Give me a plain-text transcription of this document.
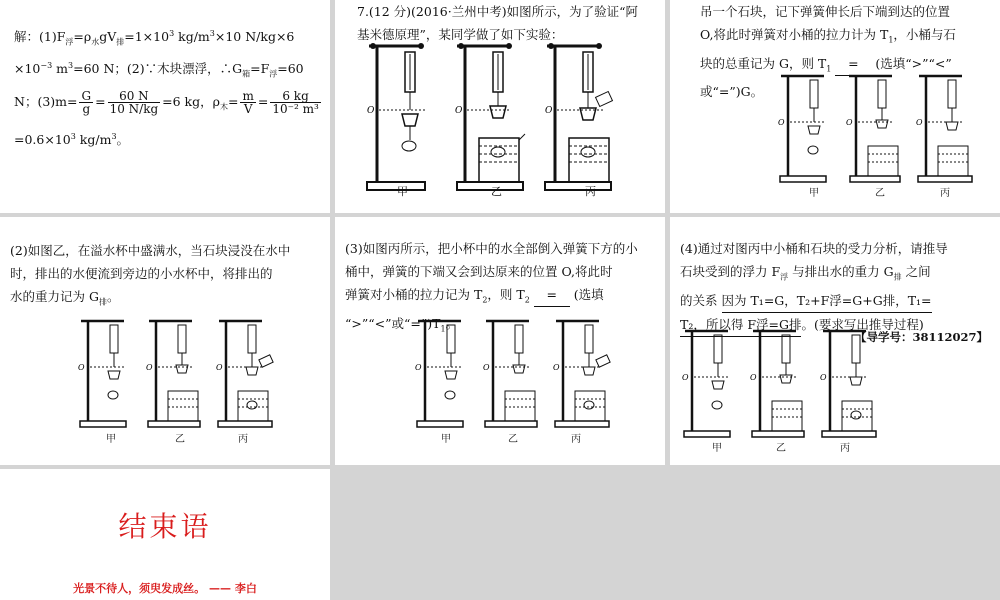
解：$(1)F_浮=\rho_水gV_排=1\times 10^3$ $kg/m^3\times 10$ N/kg×6
$\times 10^{-3}$ $m^3=60$ N；(2)∵木块漂浮，$\therefore G_箱=F_浮=60$
N；$(3)m= \frac{G}{g} = \frac{60 N}{10 N/kg} =6$ kg，$\rho_木= \frac{m}{V} = \frac{6 kg}{\text{10⁻² m³}}$
$=0.6\times 10^3$ $kg/m^3$。
7.(12 分)(2016·兰州中考)如图所示，为了验证“阿
基米德原理”，某同学做了如下实验：
O	O	O
甲	乙	丙
吊一个石块，记下弹簧伸长后下端到达的位置
O,将此时弹簧对小桶的拉力计为 $T_1$，小桶与石
块的总重记为 G，则 $T_1$ = (选填“>”“<”
或“=”)G。
O	O	O
甲	乙	丙
(2)如图乙，在溢水杯中盛满水，当石块浸没在水中
时，排出的水便流到旁边的小水杯中，将排出的
水的重力记为 $G_排$。
O	O	O
甲	乙	丙
(3)如图丙所示，把小杯中的水全部倒入弹簧下方的小
桶中，弹簧的下端又会到达原来的位置 O,将此时
弹簧对小桶的拉力记为 $T_2$，则 $T_2$ = (选填
“>”“<”或“$=”)T_1$。
O	O	O
甲	乙	丙
(4)通过对图丙中小桶和石块的受力分析，请推导
石块受到的浮力 $F_浮$ 与排出水的重力 $G_排$ 之间
的关系 因为 T₁=G，T₂+F浮=G+G排，T₁=
T₂，所以得 F浮=G排。(要求写出推导过程)
【导学号：38112027】
O	O	O
甲	乙	丙
结束语
光景不待人，须臾发成丝。 —— 李白
